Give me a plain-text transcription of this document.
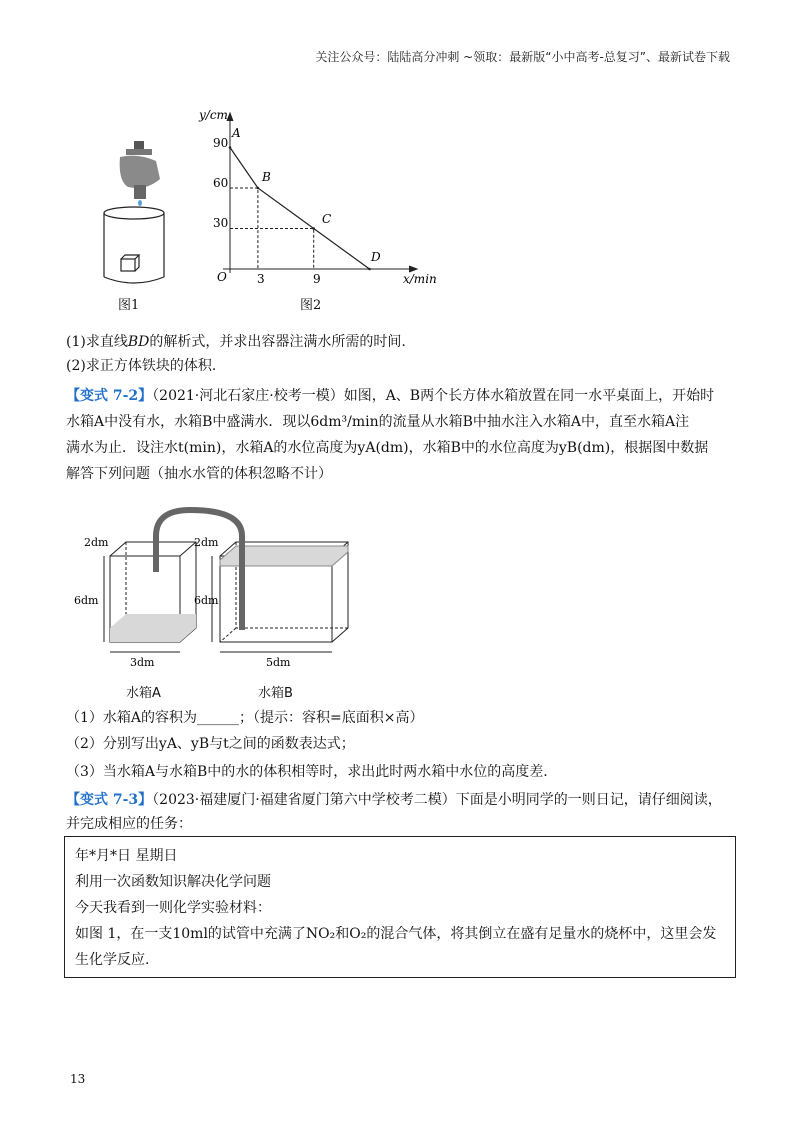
关注公众号：陆陆高分冲刺 ~领取：最新版“小中高考-总复习”、最新试卷下载
图1
y/cm
x/min
O
90
60
30
3	9
A
B
C
D
图2
(1)求直线BD的解析式，并求出容器注满水所需的时间.
(2)求正方体铁块的体积.
【变式 7-2】（2021·河北石家庄·校考一模）如图，A、B两个长方体水箱放置在同一水平桌面上，开始时
水箱A中没有水，水箱B中盛满水．现以6dm³/min的流量从水箱B中抽水注入水箱A中，直至水箱A注
满水为止．设注水t(min)，水箱A的水位高度为yA(dm)，水箱B中的水位高度为yB(dm)，根据图中数据
解答下列问题（抽水水管的体积忽略不计）
2dm
6dm
3dm
2dm
6dm
5dm
水箱A	水箱B
（1）水箱A的容积为______；（提示：容积=底面积×高）
（2）分别写出yA、yB与t之间的函数表达式；
（3）当水箱A与水箱B中的水的体积相等时，求出此时两水箱中水位的高度差.
【变式 7-3】（2023·福建厦门·福建省厦门第六中学校考二模）下面是小明同学的一则日记，请仔细阅读，
并完成相应的任务：
年*月*日 星期日
利用一次函数知识解决化学问题
今天我看到一则化学实验材料：
如图 1，在一支10ml的试管中充满了NO₂和O₂的混合气体，将其倒立在盛有足量水的烧杯中，这里会发
生化学反应.
13
